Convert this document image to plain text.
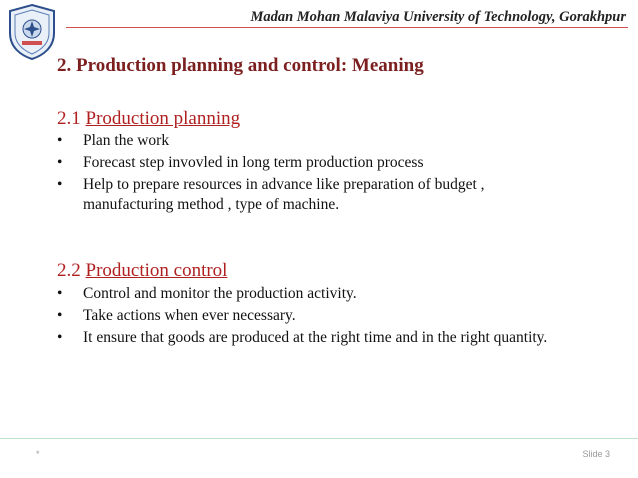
Madan Mohan Malaviya University of Technology, Gorakhpur
2. Production planning and control: Meaning
2.1 Production planning
• Plan the work
• Forecast step invovled in long term production process
• Help to prepare resources in advance like preparation of budget , manufacturing method , type of machine.
2.2 Production control
• Control and monitor the production activity.
• Take actions when ever necessary.
• It ensure that goods are produced at the right time and in the right quantity.
*	Slide 3
